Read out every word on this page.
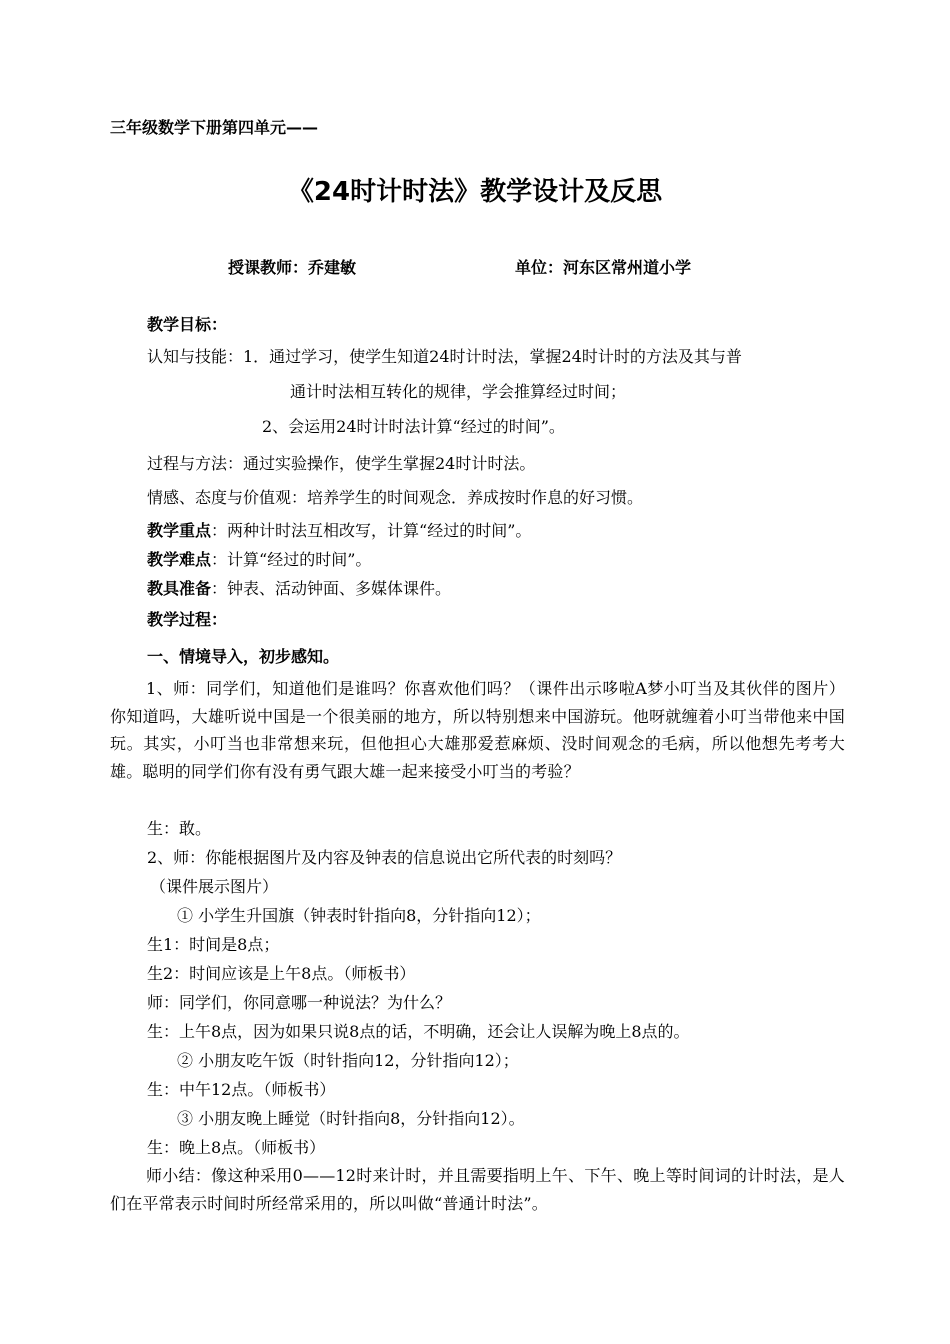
三年级数学下册第四单元——
《24时计时法》教学设计及反思
授课教师：乔建敏	单位：河东区常州道小学
教学目标：
认知与技能：1．通过学习，使学生知道24时计时法，掌握24时计时的方法及其与普
通计时法相互转化的规律，学会推算经过时间；
2、会运用24时计时法计算“经过的时间”。
过程与方法：通过实验操作，使学生掌握24时计时法。
情感、态度与价值观：培养学生的时间观念．养成按时作息的好习惯。
教学重点：两种计时法互相改写，计算“经过的时间”。
教学难点：计算“经过的时间”。
教具准备：钟表、活动钟面、多媒体课件。
教学过程：
一、情境导入，初步感知。
1、师：同学们，知道他们是谁吗？你喜欢他们吗？（课件出示哆啦A梦小叮当及其伙伴的图片）你知道吗，大雄听说中国是一个很美丽的地方，所以特别想来中国游玩。他呀就缠着小叮当带他来中国玩。其实，小叮当也非常想来玩，但他担心大雄那爱惹麻烦、没时间观念的毛病，所以他想先考考大雄。聪明的同学们你有没有勇气跟大雄一起来接受小叮当的考验？
生：敢。
2、师：你能根据图片及内容及钟表的信息说出它所代表的时刻吗？
（课件展示图片）
① 小学生升国旗（钟表时针指向8，分针指向12）；
生1：时间是8点；
生2：时间应该是上午8点。（师板书）
师：同学们，你同意哪一种说法？为什么？
生：上午8点，因为如果只说8点的话，不明确，还会让人误解为晚上8点的。
② 小朋友吃午饭（时针指向12，分针指向12）；
生：中午12点。（师板书）
③ 小朋友晚上睡觉（时针指向8，分针指向12）。
生：晚上8点。（师板书）
师小结：像这种采用0——12时来计时，并且需要指明上午、下午、晚上等时间词的计时法，是人们在平常表示时间时所经常采用的，所以叫做“普通计时法”。
